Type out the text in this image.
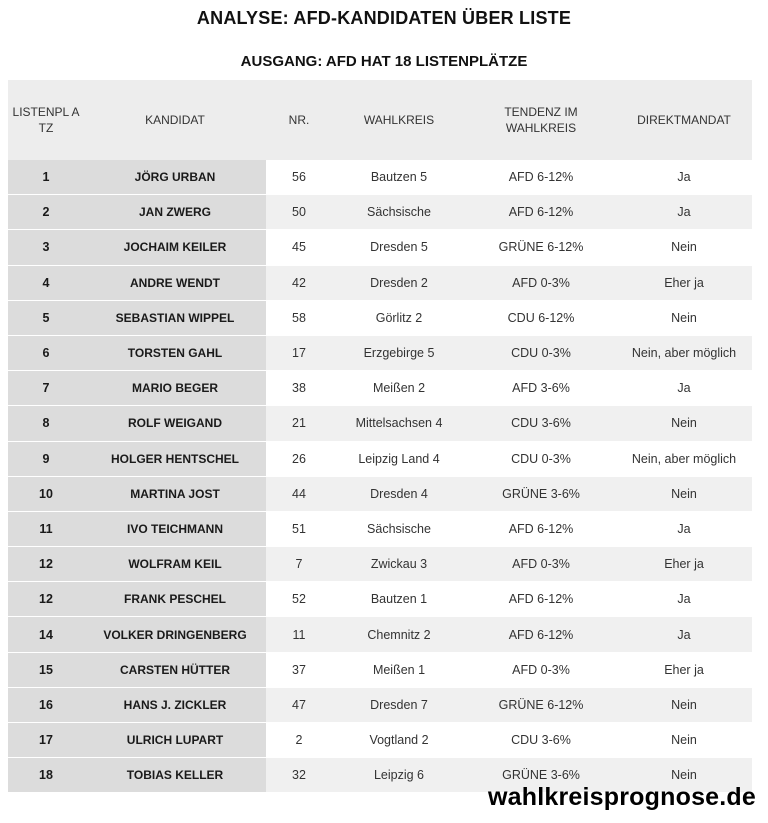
ANALYSE: AFD-KANDIDATEN ÜBER LISTE
AUSGANG: AFD HAT 18 LISTENPLÄTZE
LISTENPL ATZ	KANDIDAT	NR.	WAHLKREIS	TENDENZ IM WAHLKREIS	DIREKTMANDAT
1	JÖRG URBAN	56	Bautzen 5	AFD 6-12%	Ja
2	JAN ZWERG	50	Sächsische	AFD 6-12%	Ja
3	JOCHAIM KEILER	45	Dresden 5	GRÜNE 6-12%	Nein
4	ANDRE WENDT	42	Dresden 2	AFD 0-3%	Eher ja
5	SEBASTIAN WIPPEL	58	Görlitz 2	CDU 6-12%	Nein
6	TORSTEN GAHL	17	Erzgebirge 5	CDU 0-3%	Nein, aber möglich
7	MARIO BEGER	38	Meißen 2	AFD 3-6%	Ja
8	ROLF WEIGAND	21	Mittelsachsen 4	CDU 3-6%	Nein
9	HOLGER HENTSCHEL	26	Leipzig Land 4	CDU 0-3%	Nein, aber möglich
10	MARTINA JOST	44	Dresden 4	GRÜNE 3-6%	Nein
11	IVO TEICHMANN	51	Sächsische	AFD 6-12%	Ja
12	WOLFRAM KEIL	7	Zwickau 3	AFD 0-3%	Eher ja
12	FRANK PESCHEL	52	Bautzen 1	AFD 6-12%	Ja
14	VOLKER DRINGENBERG	11	Chemnitz 2	AFD 6-12%	Ja
15	CARSTEN HÜTTER	37	Meißen 1	AFD 0-3%	Eher ja
16	HANS J. ZICKLER	47	Dresden 7	GRÜNE 6-12%	Nein
17	ULRICH LUPART	2	Vogtland 2	CDU 3-6%	Nein
18	TOBIAS KELLER	32	Leipzig 6	GRÜNE 3-6%	Nein
wahlkreisprognose.de
